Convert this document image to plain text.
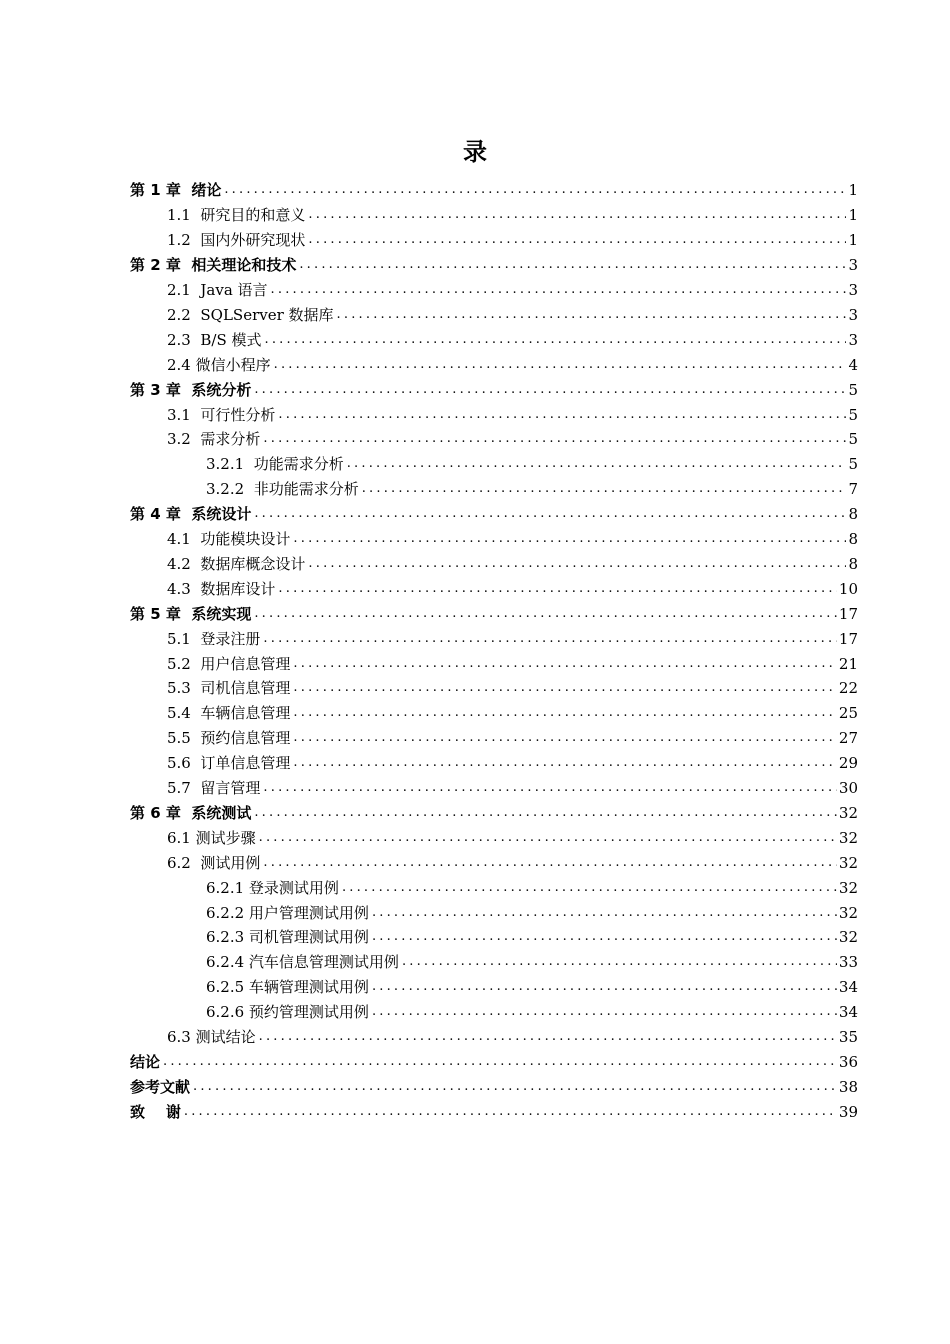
录
第 1 章  绪论 .....	1
1.1  研究目的和意义 .....	1
1.2  国内外研究现状 .....	1
第 2 章  相关理论和技术 .....	3
2.1  Java 语言 .....	3
2.2  SQLServer 数据库 .....	3
2.3  B/S 模式 .....	3
2.4 微信小程序 .....	4
第 3 章  系统分析 .....	5
3.1  可行性分析 .....	5
3.2  需求分析 .....	5
3.2.1  功能需求分析 .....	5
3.2.2  非功能需求分析 .....	7
第 4 章  系统设计 .....	8
4.1  功能模块设计 .....	8
4.2  数据库概念设计 .....	8
4.3  数据库设计 .....	10
第 5 章  系统实现 .....	17
5.1  登录注册 .....	17
5.2  用户信息管理 .....	21
5.3  司机信息管理 .....	22
5.4  车辆信息管理 .....	25
5.5  预约信息管理 .....	27
5.6  订单信息管理 .....	29
5.7  留言管理 .....	30
第 6 章  系统测试 .....	32
6.1 测试步骤 .....	32
6.2  测试用例 .....	32
6.2.1 登录测试用例 .....	32
6.2.2 用户管理测试用例 .....	32
6.2.3 司机管理测试用例 .....	32
6.2.4 汽车信息管理测试用例 .....	33
6.2.5 车辆管理测试用例 .....	34
6.2.6 预约管理测试用例 .....	34
6.3 测试结论 .....	35
结论 .....	36
参考文献 .....	38
致    谢 .....	39
